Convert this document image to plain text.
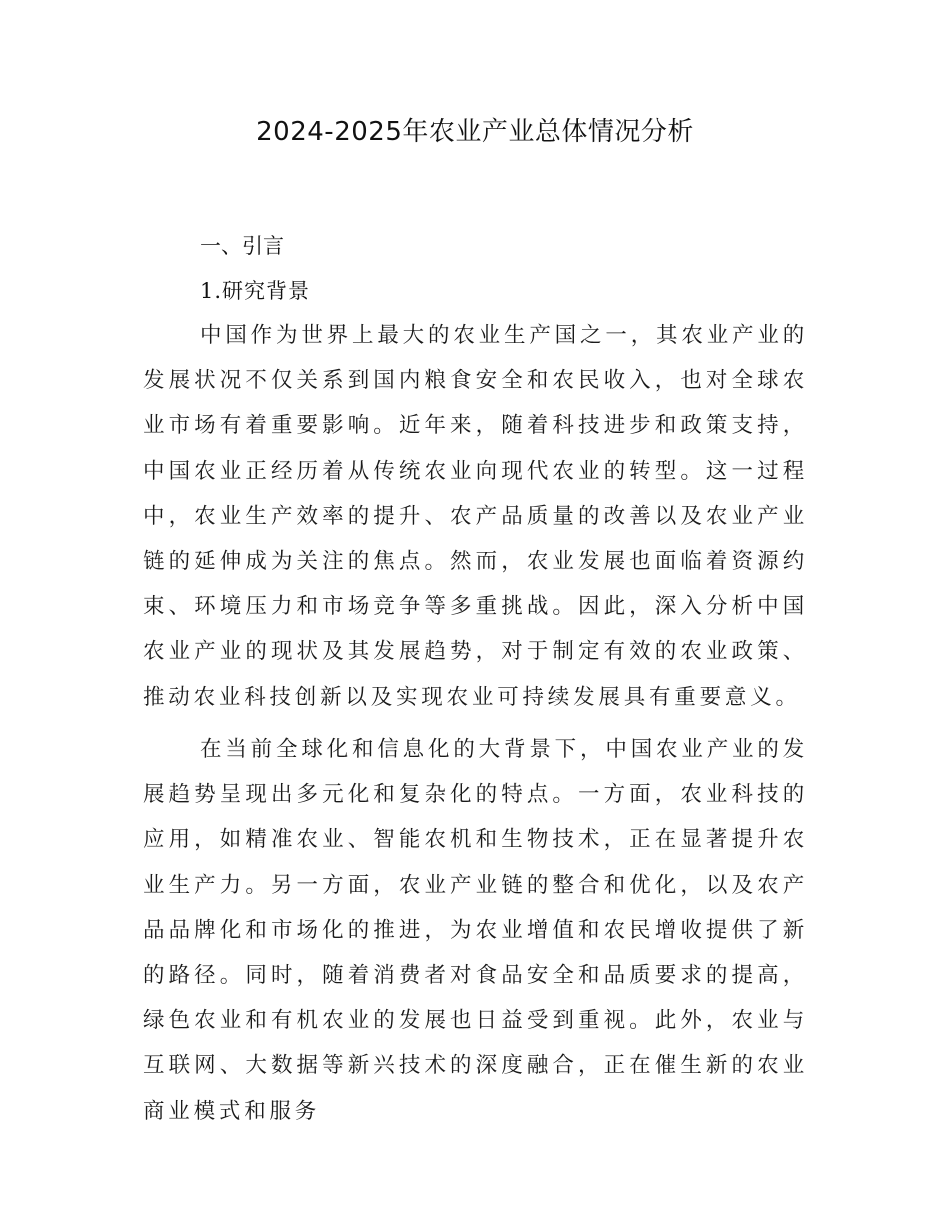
2024-2025年农业产业总体情况分析
一、引言
1.研究背景

中国作为世界上最大的农业生产国之一，其农业产业的发展状况不仅关系到国内粮食安全和农民收入，也对全球农业市场有着重要影响。近年来，随着科技进步和政策支持，中国农业正经历着从传统农业向现代农业的转型。这一过程中，农业生产效率的提升、农产品质量的改善以及农业产业链的延伸成为关注的焦点。然而，农业发展也面临着资源约束、环境压力和市场竞争等多重挑战。因此，深入分析中国农业产业的现状及其发展趋势，对于制定有效的农业政策、推动农业科技创新以及实现农业可持续发展具有重要意义。

在当前全球化和信息化的大背景下，中国农业产业的发展趋势呈现出多元化和复杂化的特点。一方面，农业科技的应用，如精准农业、智能农机和生物技术，正在显著提升农业生产力。另一方面，农业产业链的整合和优化，以及农产品品牌化和市场化的推进，为农业增值和农民增收提供了新的路径。同时，随着消费者对食品安全和品质要求的提高，绿色农业和有机农业的发展也日益受到重视。此外，农业与互联网、大数据等新兴技术的深度融合，正在催生新的农业商业模式和服务
